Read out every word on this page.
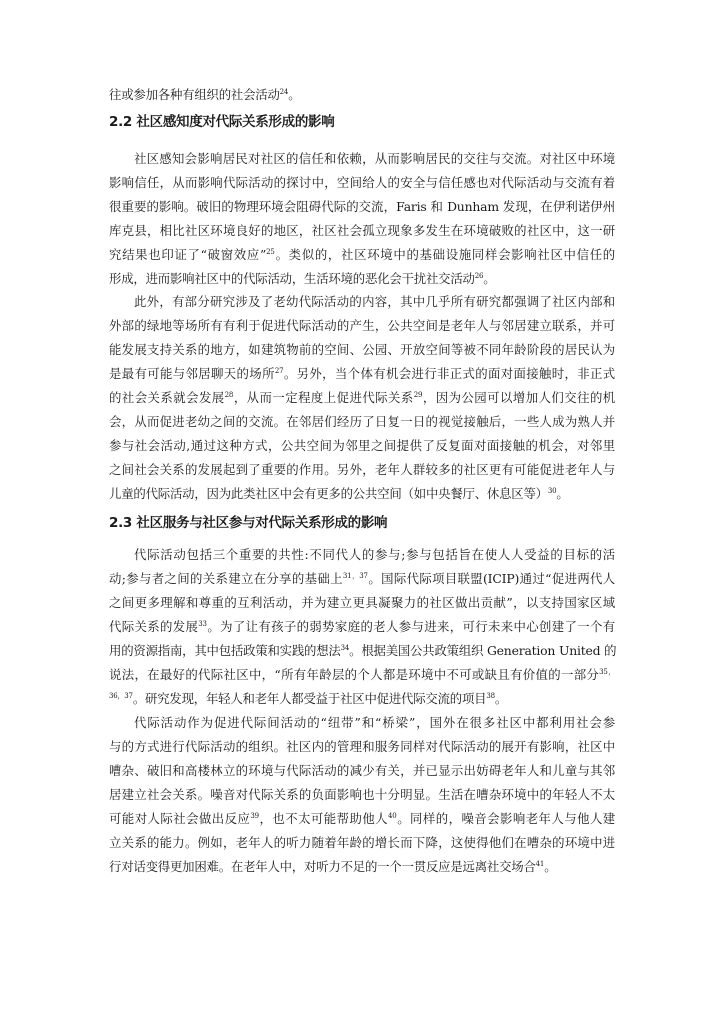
2.2 社区感知度对代际关系形成的影响
2.3 社区服务与社区参与对代际关系形成的影响
往或参加各种有组织的社会活动$^{24}$。
社区感知会影响居民对社区的信任和依赖，从而影响居民的交往与交流。对社区中环境
影响信任，从而影响代际活动的探讨中，空间给人的安全与信任感也对代际活动与交流有着
很重要的影响。破旧的物理环境会阻碍代际的交流，Faris 和 Dunham 发现，在伊利诺伊州
库克县，相比社区环境良好的地区，社区社会孤立现象多发生在环境破败的社区中，这一研
究结果也印证了“破窗效应”$^{25}$。类似的，社区环境中的基础设施同样会影响社区中信任的
形成，进而影响社区中的代际活动，生活环境的恶化会干扰社交活动$^{26}$。
此外，有部分研究涉及了老幼代际活动的内容，其中几乎所有研究都强调了社区内部和
外部的绿地等场所有有利于促进代际活动的产生，公共空间是老年人与邻居建立联系，并可
能发展支持关系的地方，如建筑物前的空间、公园、开放空间等被不同年龄阶段的居民认为
是最有可能与邻居聊天的场所$^{27}$。另外，当个体有机会进行非正式的面对面接触时，非正式
的社会关系就会发展$^{28}$，从而一定程度上促进代际关系$^{29}$，因为公园可以增加人们交往的机
会，从而促进老幼之间的交流。在邻居们经历了日复一日的视觉接触后，一些人成为熟人并
参与社会活动,通过这种方式，公共空间为邻里之间提供了反复面对面接触的机会，对邻里
之间社会关系的发展起到了重要的作用。另外，老年人群较多的社区更有可能促进老年人与
儿童的代际活动，因为此类社区中会有更多的公共空间（如中央餐厅、休息区等）$^{30}$。
代际活动包括三个重要的共性:不同代人的参与;参与包括旨在使人人受益的目标的活
动;参与者之间的关系建立在分享的基础上$^{31,37}$。国际代际项目联盟(ICIP)通过“促进两代人
之间更多理解和尊重的互利活动，并为建立更具凝聚力的社区做出贡献”，以支持国家区域
代际关系的发展$^{33}$。为了让有孩子的弱势家庭的老人参与进来，可行未来中心创建了一个有
用的资源指南，其中包括政策和实践的想法$^{34}$。根据美国公共政策组织 Generation United 的
说法，在最好的代际社区中，“所有年龄层的个人都是环境中不可或缺且有价值的一部分$^{35,}$
$^{36,37}$。研究发现，年轻人和老年人都受益于社区中促进代际交流的项目$^{38}$。
代际活动作为促进代际间活动的“纽带”和“桥梁”，国外在很多社区中都利用社会参
与的方式进行代际活动的组织。社区内的管理和服务同样对代际活动的展开有影响，社区中
嘈杂、破旧和高楼林立的环境与代际活动的减少有关，并已显示出妨碍老年人和儿童与其邻
居建立社会关系。噪音对代际关系的负面影响也十分明显。生活在嘈杂环境中的年轻人不太
可能对人际社会做出反应$^{39}$，也不太可能帮助他人$^{40}$。同样的，噪音会影响老年人与他人建
立关系的能力。例如，老年人的听力随着年龄的增长而下降，这使得他们在嘈杂的环境中进
行对话变得更加困难。在老年人中，对听力不足的一个一贯反应是远离社交场合$^{41}$。
